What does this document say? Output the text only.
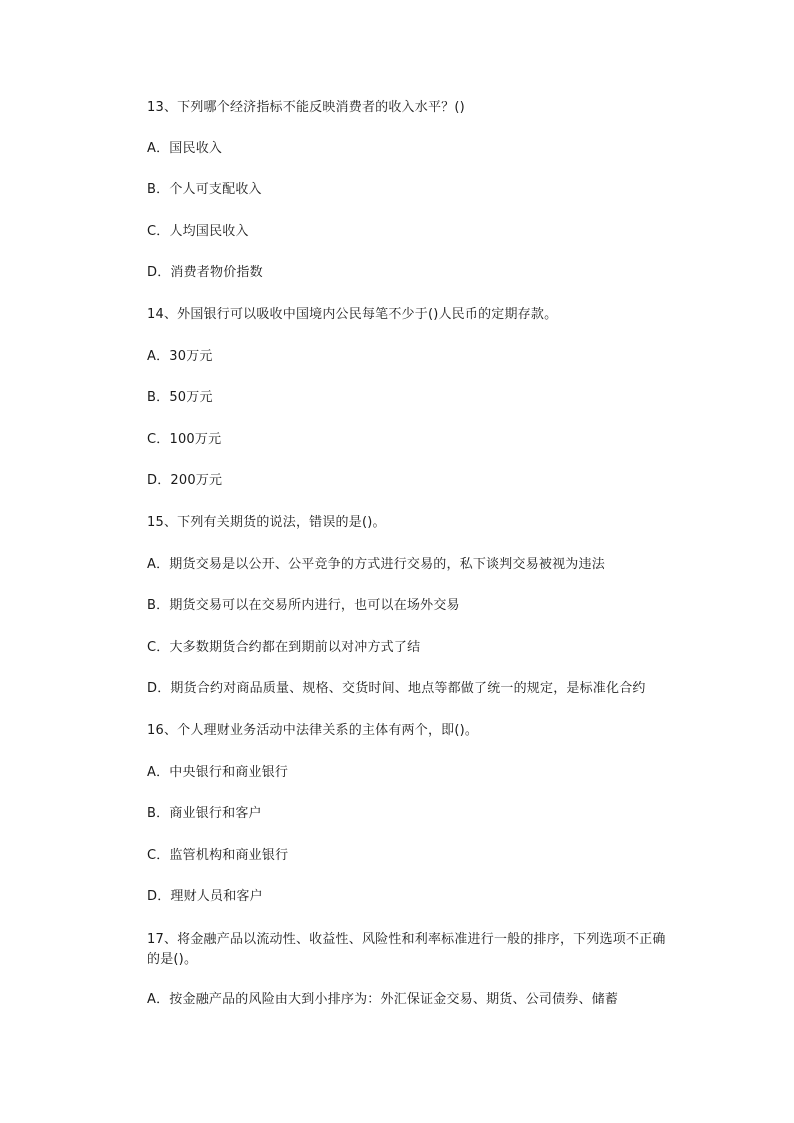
13、下列哪个经济指标不能反映消费者的收入水平？()
A．国民收入
B．个人可支配收入
C．人均国民收入
D．消费者物价指数
14、外国银行可以吸收中国境内公民每笔不少于()人民币的定期存款。
A．30万元
B．50万元
C．100万元
D．200万元
15、下列有关期货的说法，错误的是()。
A．期货交易是以公开、公平竞争的方式进行交易的，私下谈判交易被视为违法
B．期货交易可以在交易所内进行，也可以在场外交易
C．大多数期货合约都在到期前以对冲方式了结
D．期货合约对商品质量、规格、交货时间、地点等都做了统一的规定，是标准化合约
16、个人理财业务活动中法律关系的主体有两个，即()。
A．中央银行和商业银行
B．商业银行和客户
C．监管机构和商业银行
D．理财人员和客户
17、将金融产品以流动性、收益性、风险性和利率标准进行一般的排序，下列选项不正确的是()。
A．按金融产品的风险由大到小排序为：外汇保证金交易、期货、公司债券、储蓄
